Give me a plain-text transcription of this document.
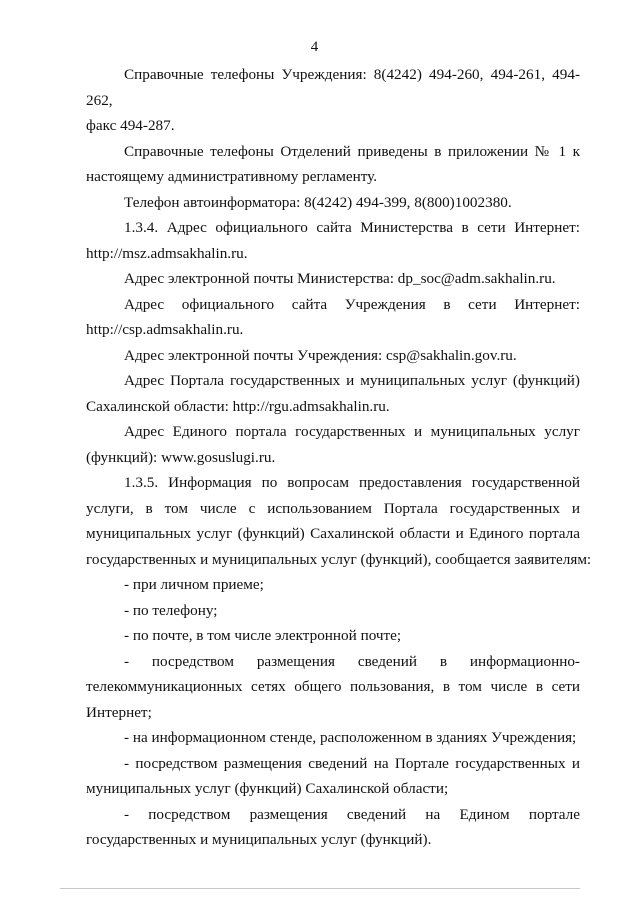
4
Справочные телефоны Учреждения: 8(4242) 494-260, 494-261, 494-262,
факс 494-287.
Справочные телефоны Отделений приведены в приложении № 1 к
настоящему административному регламенту.
Телефон автоинформатора: 8(4242) 494-399, 8(800)1002380.
1.3.4. Адрес официального сайта Министерства в сети Интернет:
http://msz.admsakhalin.ru.
Адрес электронной почты Министерства: dp_soc@adm.sakhalin.ru.
Адрес официального сайта Учреждения в сети Интернет:
http://csp.admsakhalin.ru.
Адрес электронной почты Учреждения: csp@sakhalin.gov.ru.
Адрес Портала государственных и муниципальных услуг (функций)
Сахалинской области: http://rgu.admsakhalin.ru.
Адрес Единого портала государственных и муниципальных услуг
(функций): www.gosuslugi.ru.
1.3.5. Информация по вопросам предоставления государственной
услуги, в том числе с использованием Портала государственных и
муниципальных услуг (функций) Сахалинской области и Единого портала
государственных и муниципальных услуг (функций), сообщается заявителям:
- при личном приеме;
- по телефону;
- по почте, в том числе электронной почте;
- посредством размещения сведений в информационно-
телекоммуникационных сетях общего пользования, в том числе в сети
Интернет;
- на информационном стенде, расположенном в зданиях Учреждения;
- посредством размещения сведений на Портале государственных и
муниципальных услуг (функций) Сахалинской области;
- посредством размещения сведений на Едином портале
государственных и муниципальных услуг (функций).
